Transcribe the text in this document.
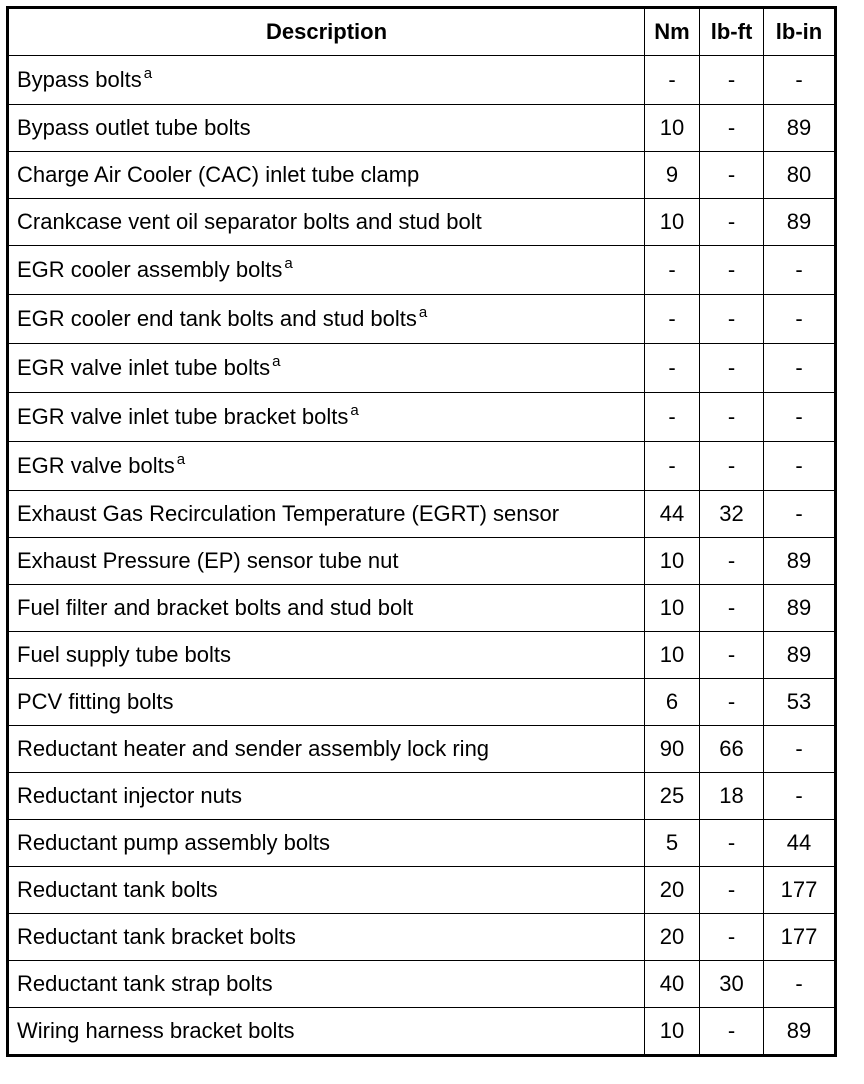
Description	Nm	lb-ft	lb-in
Bypass bolts $^a$	-	-	-
Bypass outlet tube bolts	10	-	89
Charge Air Cooler (CAC) inlet tube clamp	9	-	80
Crankcase vent oil separator bolts and stud bolt	10	-	89
EGR cooler assembly bolts $^a$	-	-	-
EGR cooler end tank bolts and stud bolts $^a$	-	-	-
EGR valve inlet tube bolts $^a$	-	-	-
EGR valve inlet tube bracket bolts $^a$	-	-	-
EGR valve bolts $^a$	-	-	-
Exhaust Gas Recirculation Temperature (EGRT) sensor	44	32	-
Exhaust Pressure (EP) sensor tube nut	10	-	89
Fuel filter and bracket bolts and stud bolt	10	-	89
Fuel supply tube bolts	10	-	89
PCV fitting bolts	6	-	53
Reductant heater and sender assembly lock ring	90	66	-
Reductant injector nuts	25	18	-
Reductant pump assembly bolts	5	-	44
Reductant tank bolts	20	-	177
Reductant tank bracket bolts	20	-	177
Reductant tank strap bolts	40	30	-
Wiring harness bracket bolts	10	-	89
